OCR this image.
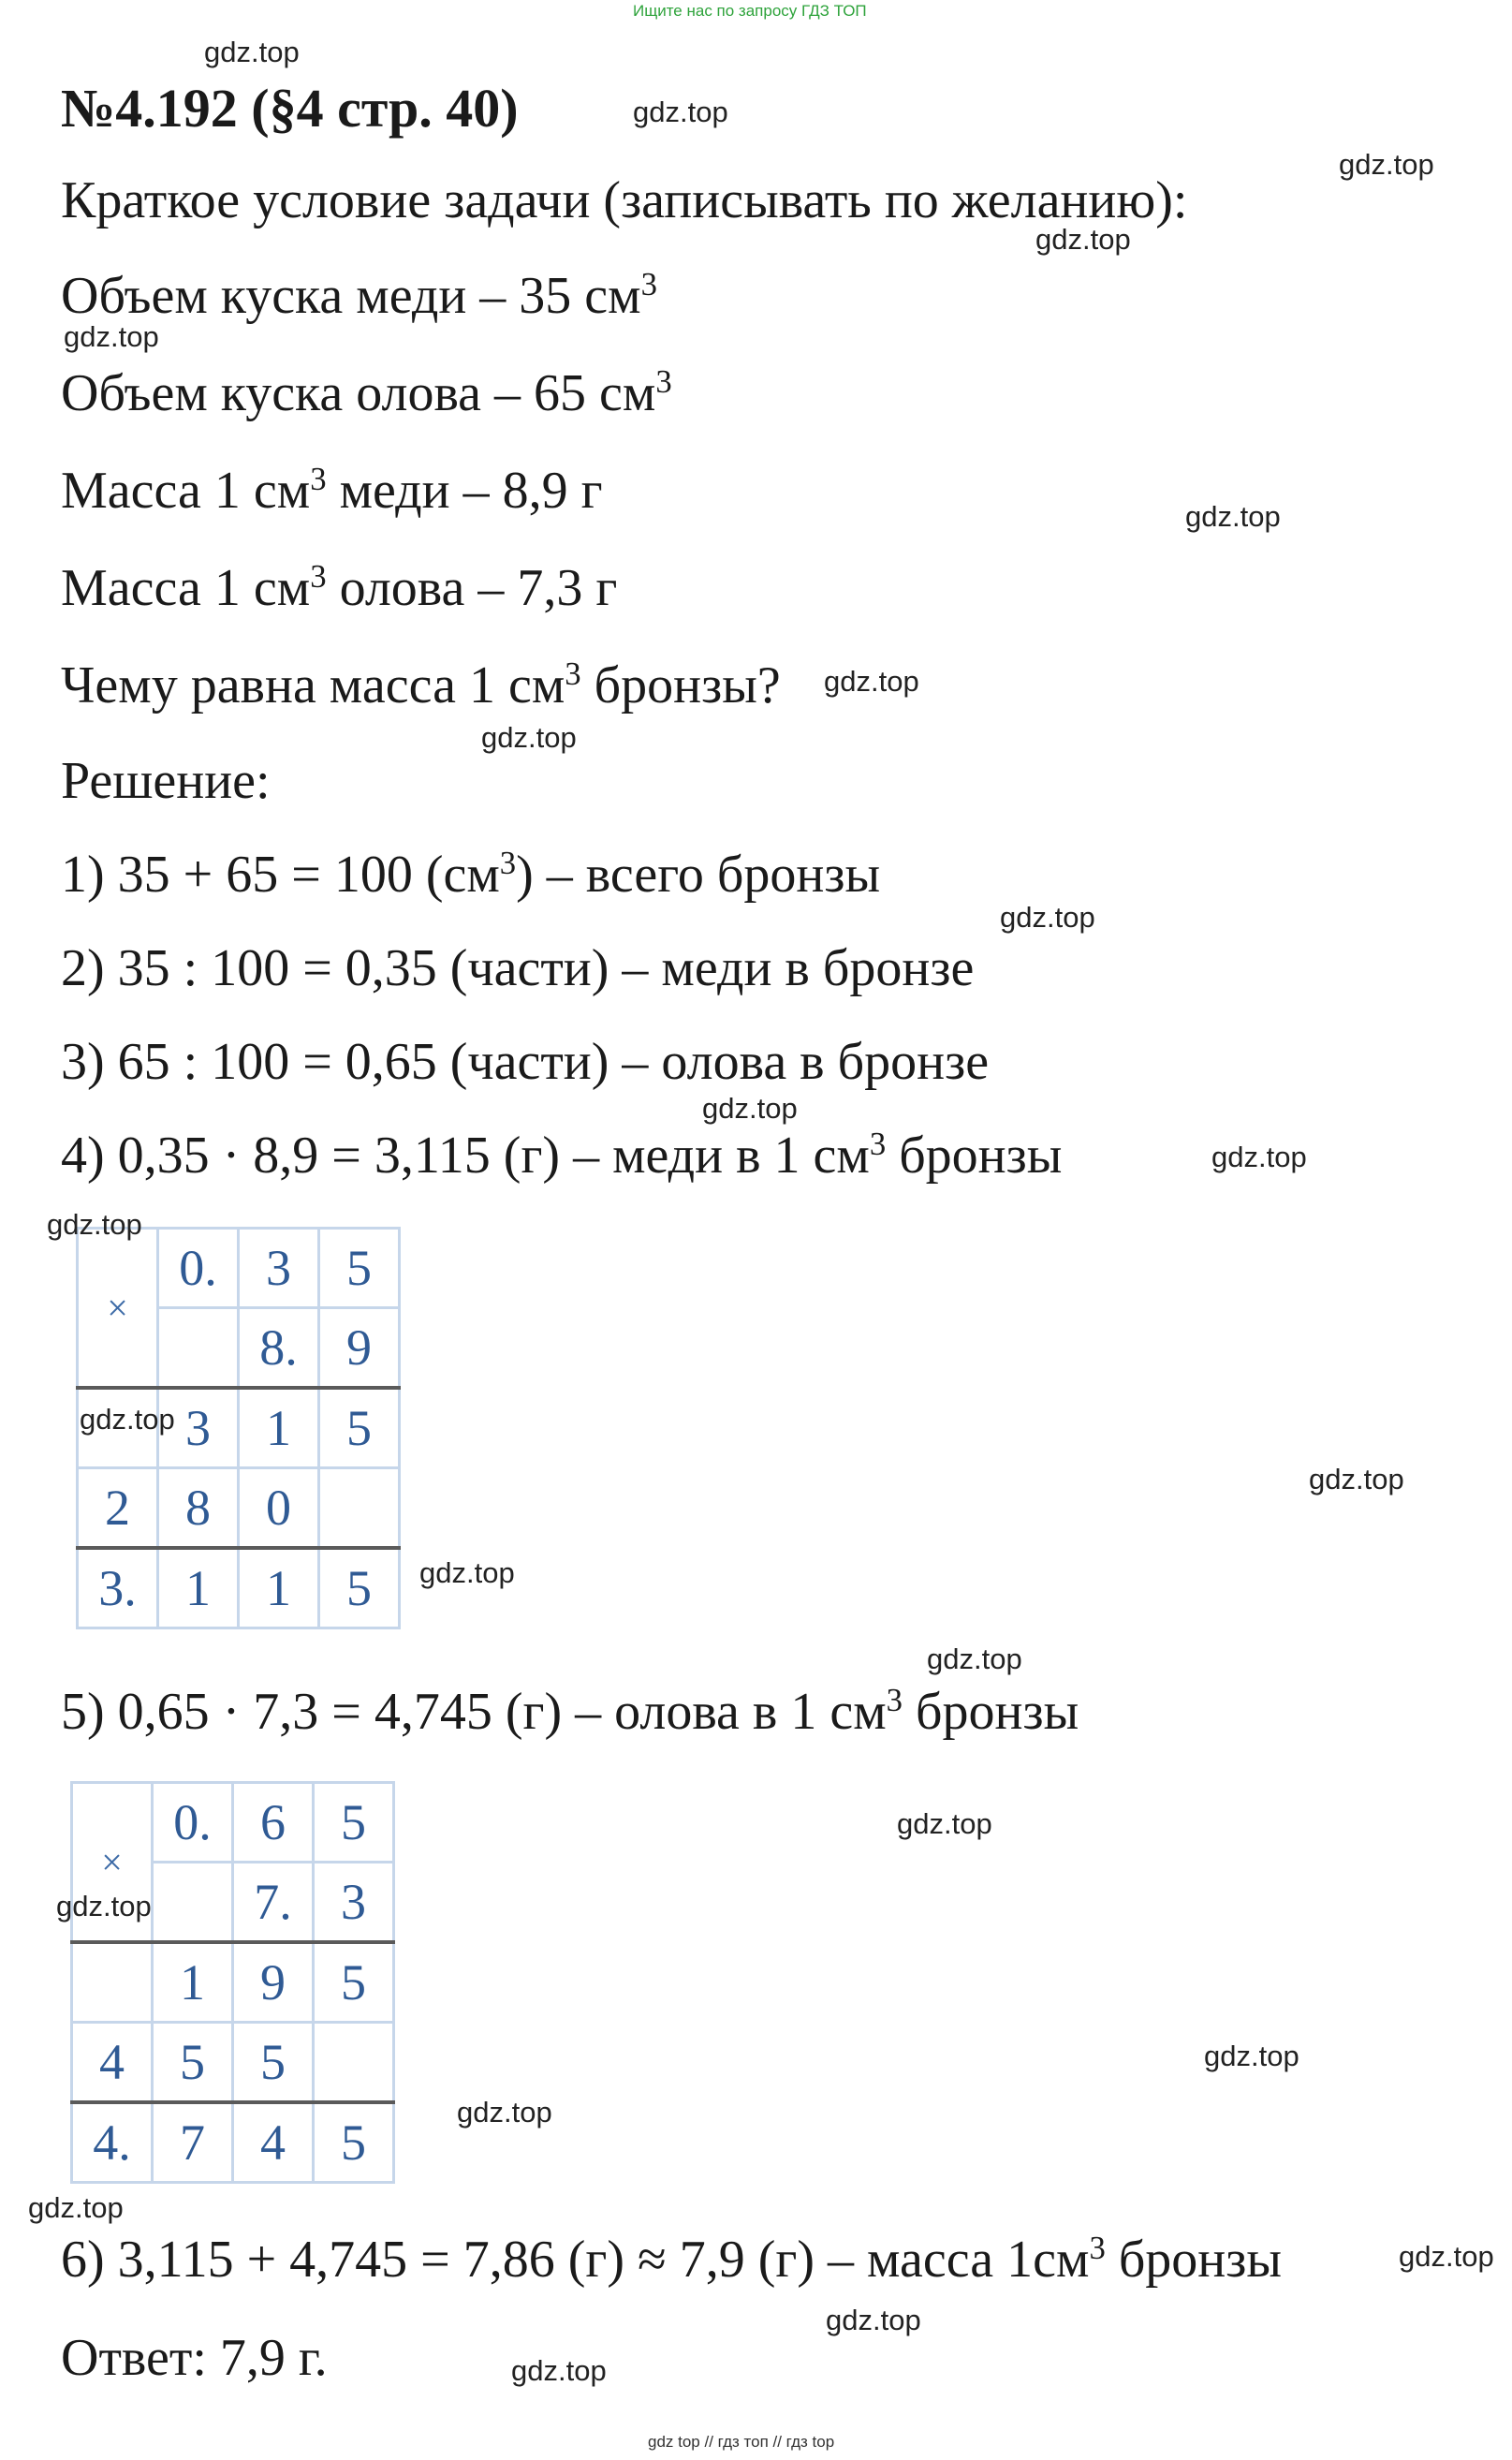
Ищите нас по запросу ГДЗ ТОП
№4.192 (§4 стр. 40)
Краткое условие задачи (записывать по желанию):
Объем куска меди – 35 $см^3$
Объем куска олова – 65 $см^3$
Масса 1 $см^3$ меди – 8,9 г
Масса 1 $см^3$ олова – 7,3 г
Чему равна масса 1 $см^3$ бронзы?
Решение:
1) 35 + 65 = 100 $(см^3)$ – всего бронзы
2) 35 : 100 = 0,35 (части) – меди в бронзе
3) 65 : 100 = 0,65 (части) – олова в бронзе
4) 0,35 · 8,9 = 3,115 (г) – меди в 1 $см^3$ бронзы
×	0.	3	5
		8.	9
	3	1	5
2	8	0	
3.	1	1	5
5) 0,65 · 7,3 = 4,745 (г) – олова в 1 $см^3$ бронзы
×	0.	6	5
		7.	3
	1	9	5
4	5	5	
4.	7	4	5
6) 3,115 + 4,745 = 7,86 (г) ≈ 7,9 (г) – масса $1см^3$ бронзы
Ответ: 7,9 г.
gdz.top
gdz.top
gdz.top
gdz.top
gdz.top
gdz.top
gdz.top
gdz.top
gdz.top
gdz.top
gdz.top
gdz.top
gdz.top
gdz.top
gdz.top
gdz.top
gdz.top
gdz.top
gdz.top
gdz.top
gdz.top
gdz.top
gdz.top
gdz.top
gdz top // гдз топ // гдз top
